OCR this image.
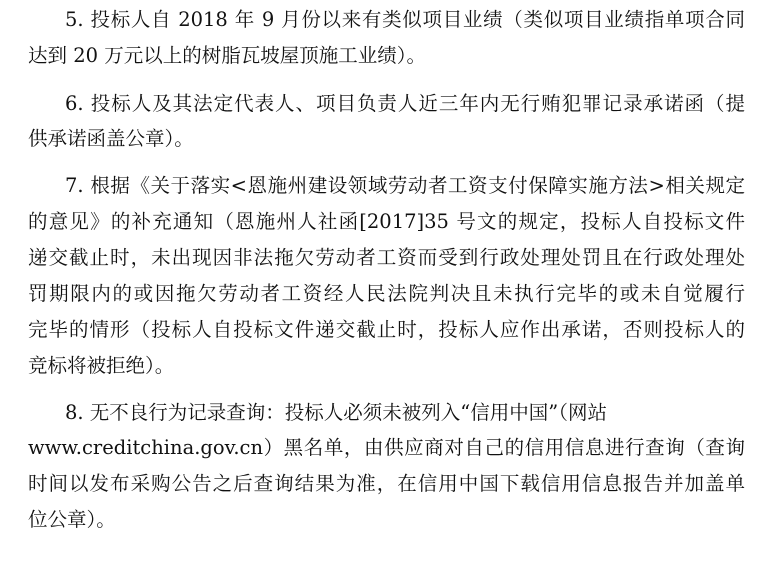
5. 投标人自 2018 年 9 月份以来有类似项目业绩（类似项目业绩指单项合同
达到 20 万元以上的树脂瓦坡屋顶施工业绩）。
6. 投标人及其法定代表人、项目负责人近三年内无行贿犯罪记录承诺函（提
供承诺函盖公章）。
7. 根据《关于落实<恩施州建设领域劳动者工资支付保障实施方法>相关规定
的意见》的补充通知（恩施州人社函[2017]35 号文的规定，投标人自投标文件
递交截止时，未出现因非法拖欠劳动者工资而受到行政处理处罚且在行政处理处
罚期限内的或因拖欠劳动者工资经人民法院判决且未执行完毕的或未自觉履行
完毕的情形（投标人自投标文件递交截止时，投标人应作出承诺，否则投标人的
竞标将被拒绝）。
8. 无不良行为记录查询：投标人必须未被列入“信用中国”（网站
www.creditchina.gov.cn）黑名单，由供应商对自己的信用信息进行查询（查询
时间以发布采购公告之后查询结果为准，在信用中国下载信用信息报告并加盖单
位公章）。
